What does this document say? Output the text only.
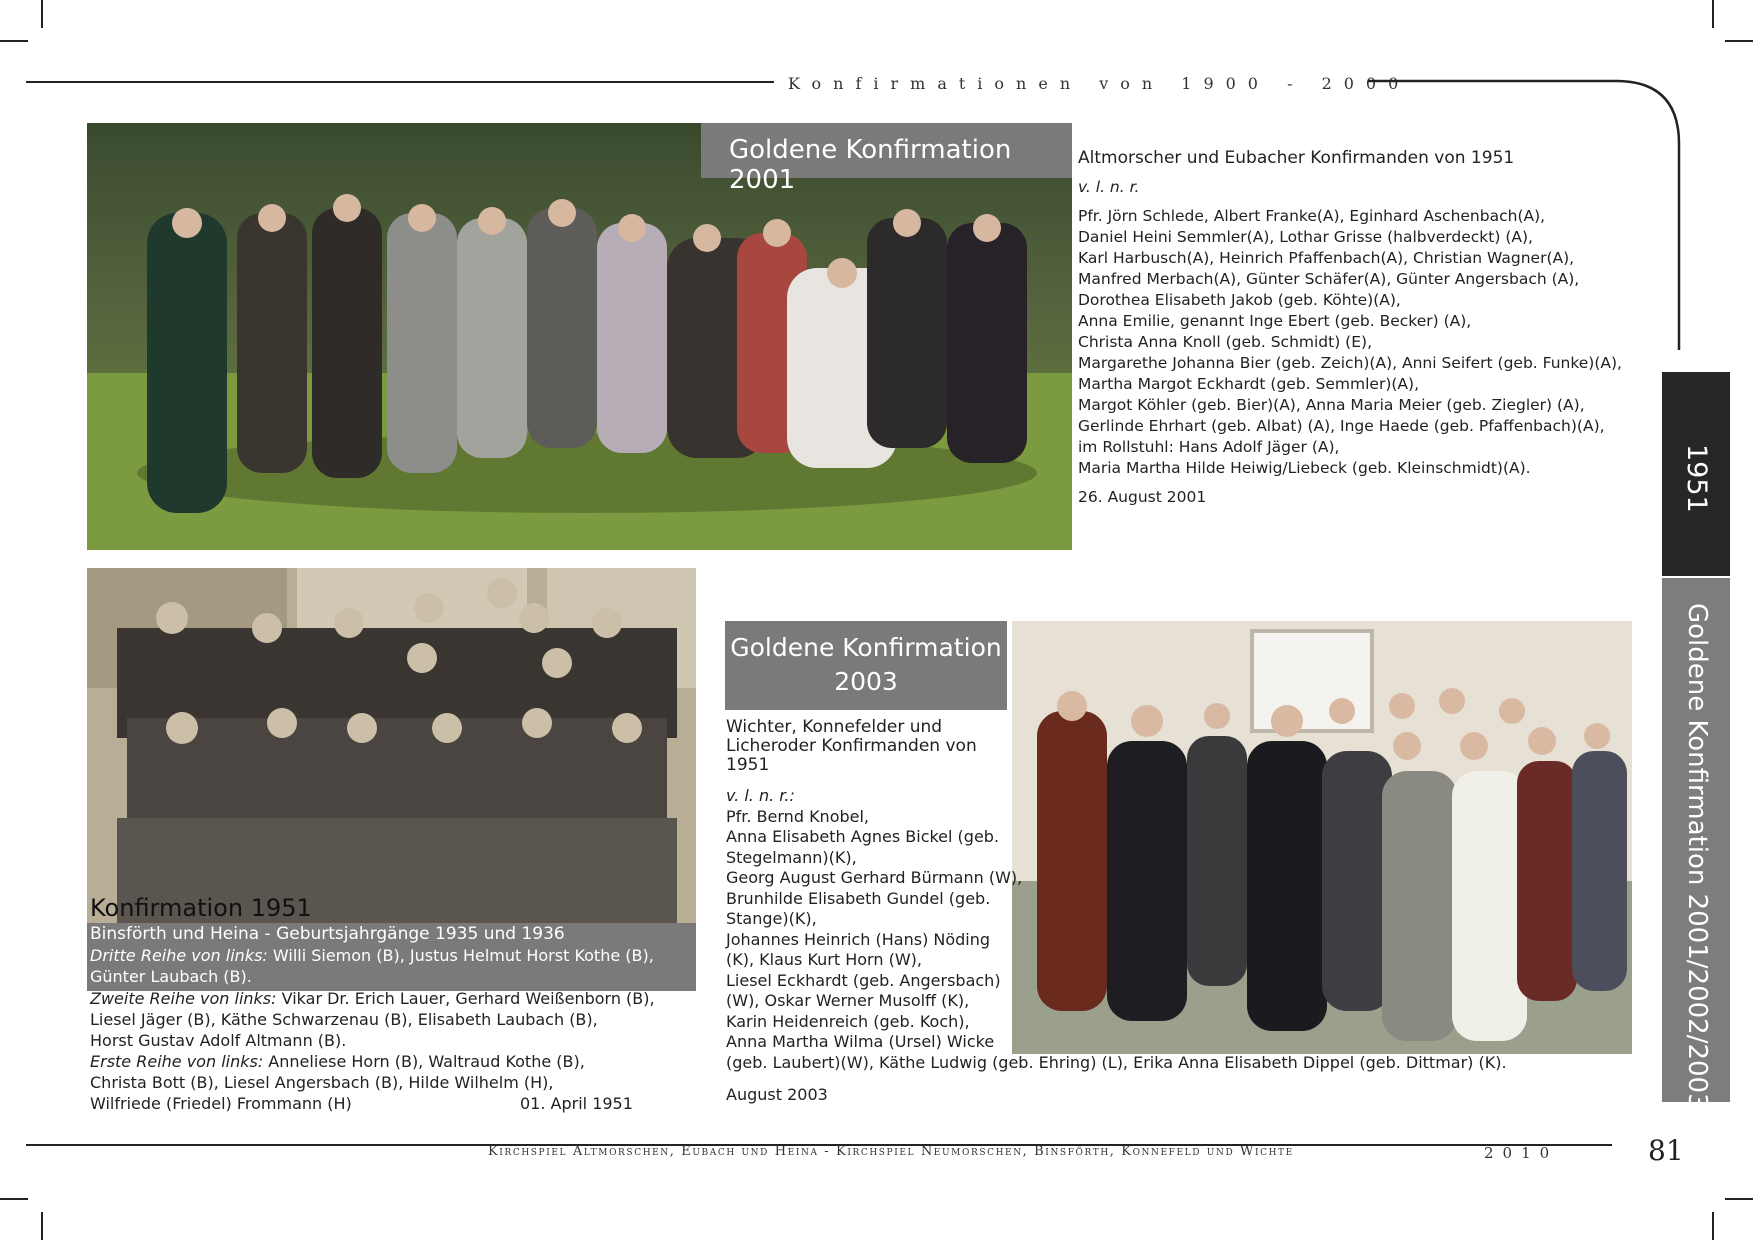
Konfirmationen von 1900 - 2000
Goldene Konfirmation 2001

Altmorscher und Eubacher Konfirmanden von 1951

v. l. n. r.

Pfr. Jörn Schlede, Albert Franke(A), Eginhard Aschenbach(A),

Daniel Heini Semmler(A), Lothar Grisse (halbverdeckt) (A),

Karl Harbusch(A), Heinrich Pfaffenbach(A), Christian Wagner(A),

Manfred Merbach(A), Günter Schäfer(A), Günter Angersbach (A),

Dorothea Elisabeth Jakob (geb. Köhte)(A),

Anna Emilie, genannt Inge Ebert (geb. Becker) (A),

Christa Anna Knoll (geb. Schmidt) (E),

Margarethe Johanna Bier (geb. Zeich)(A), Anni Seifert (geb. Funke)(A),

Martha Margot Eckhardt (geb. Semmler)(A),

Margot Köhler (geb. Bier)(A), Anna Maria Meier (geb. Ziegler) (A),

Gerlinde Ehrhart (geb. Albat) (A), Inge Haede (geb. Pfaffenbach)(A),

im Rollstuhl: Hans Adolf Jäger (A),

Maria Martha Hilde Heiwig/Liebeck (geb. Kleinschmidt)(A).

26. August 2001

Konfirmation 1951

Binsförth und Heina - Geburtsjahrgänge 1935 und 1936

Dritte Reihe von links: Willi Siemon (B), Justus Helmut Horst Kothe (B),

Günter Laubach (B).

Zweite Reihe von links: Vikar Dr. Erich Lauer, Gerhard Weißenborn (B),

Liesel Jäger (B), Käthe Schwarzenau (B), Elisabeth Laubach (B),

Horst Gustav Adolf Altmann (B).

Erste Reihe von links: Anneliese Horn (B), Waltraud Kothe (B),

Christa Bott (B), Liesel Angersbach (B), Hilde Wilhelm (H),

Wilfriede (Friedel) Frommann (H)	01. April 1951

Goldene Konfirmation
2003

Wichter, Konnefelder und

Licheroder Konfirmanden von

1951

v. l. n. r.:

Pfr. Bernd Knobel,

Anna Elisabeth Agnes Bickel (geb.

Stegelmann)(K),

Georg August Gerhard Bürmann (W),

Brunhilde Elisabeth Gundel (geb.

Stange)(K),

Johannes Heinrich (Hans) Nöding

(K), Klaus Kurt Horn (W),

Liesel Eckhardt (geb. Angersbach)

(W), Oskar Werner Musolff (K),

Karin Heidenreich (geb. Koch),

Anna Martha Wilma (Ursel) Wicke

(geb. Laubert)(W), Käthe Ludwig (geb. Ehring) (L), Erika Anna Elisabeth Dippel (geb. Dittmar) (K).

August 2003

1951
Goldene Konfirmation 2001/2002/2003
Kirchspiel Altmorschen, Eubach und Heina - Kirchspiel Neumorschen, Binsförth, Konnefeld und Wichte	2010	81
